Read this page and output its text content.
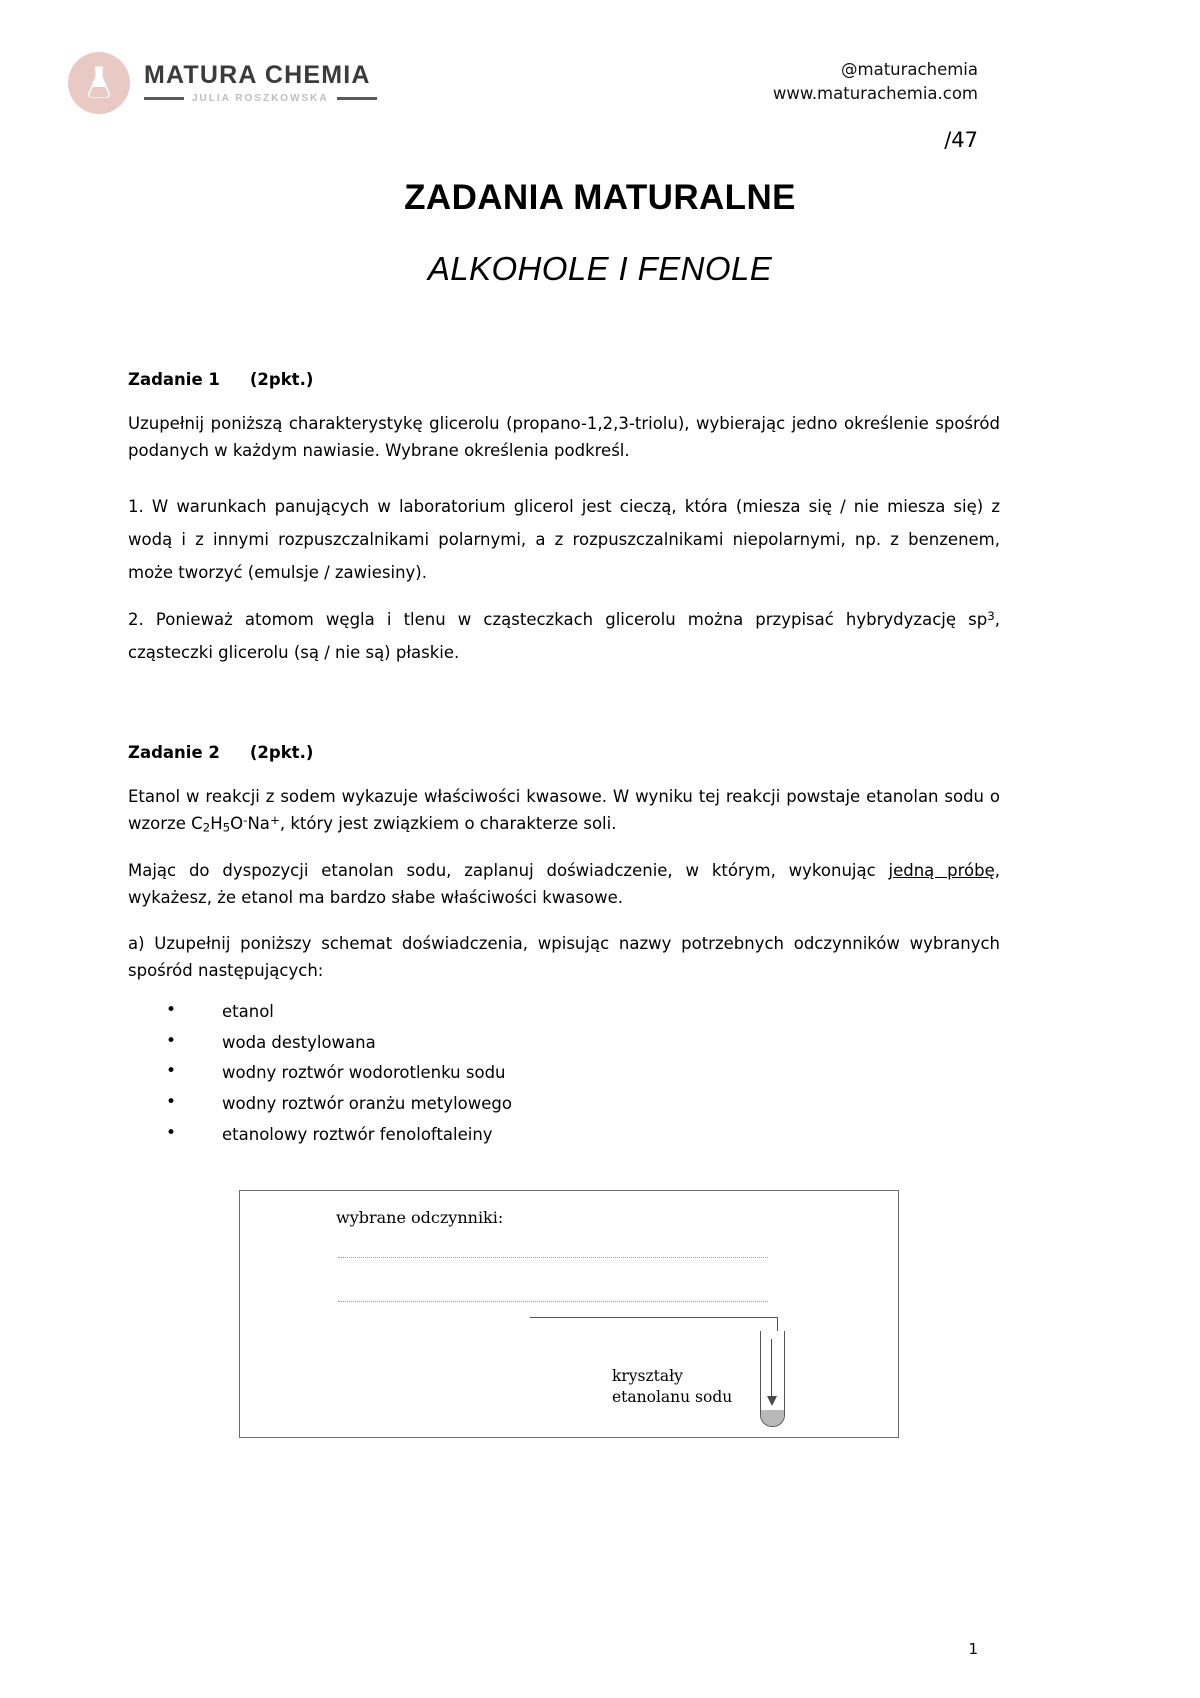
MATURA CHEMIA
JULIA ROSZKOWSKA
@maturachemia
www.maturachemia.com
/47
ZADANIA MATURALNE
ALKOHOLE I FENOLE
Zadanie 1 (2pkt.)

Uzupełnij poniższą charakterystykę glicerolu (propano-1,2,3-triolu), wybierając jedno określenie spośród podanych w każdym nawiasie. Wybrane określenia podkreśl.

1. W warunkach panujących w laboratorium glicerol jest cieczą, która (miesza się / nie miesza się) z wodą i z innymi rozpuszczalnikami polarnymi, a z rozpuszczalnikami niepolarnymi, np. z benzenem, może tworzyć (emulsje / zawiesiny).

2. Ponieważ atomom węgla i tlenu w cząsteczkach glicerolu można przypisać hybrydyzację $sp^3$, cząsteczki glicerolu (są / nie są) płaskie.

Zadanie 2 (2pkt.)

Etanol w reakcji z sodem wykazuje właściwości kwasowe. W wyniku tej reakcji powstaje etanolan sodu o wzorze $C_2H_5O^-Na^+$, który jest związkiem o charakterze soli.

Mając do dyspozycji etanolan sodu, zaplanuj doświadczenie, w którym, wykonując jedną próbę, wykażesz, że etanol ma bardzo słabe właściwości kwasowe.

a) Uzupełnij poniższy schemat doświadczenia, wpisując nazwy potrzebnych odczynników wybranych spośród następujących:

• etanol
• woda destylowana
• wodny roztwór wodorotlenku sodu
• wodny roztwór oranżu metylowego
• etanolowy roztwór fenoloftaleiny
wybrane odczynniki:
kryształy
etanolanu sodu
1
